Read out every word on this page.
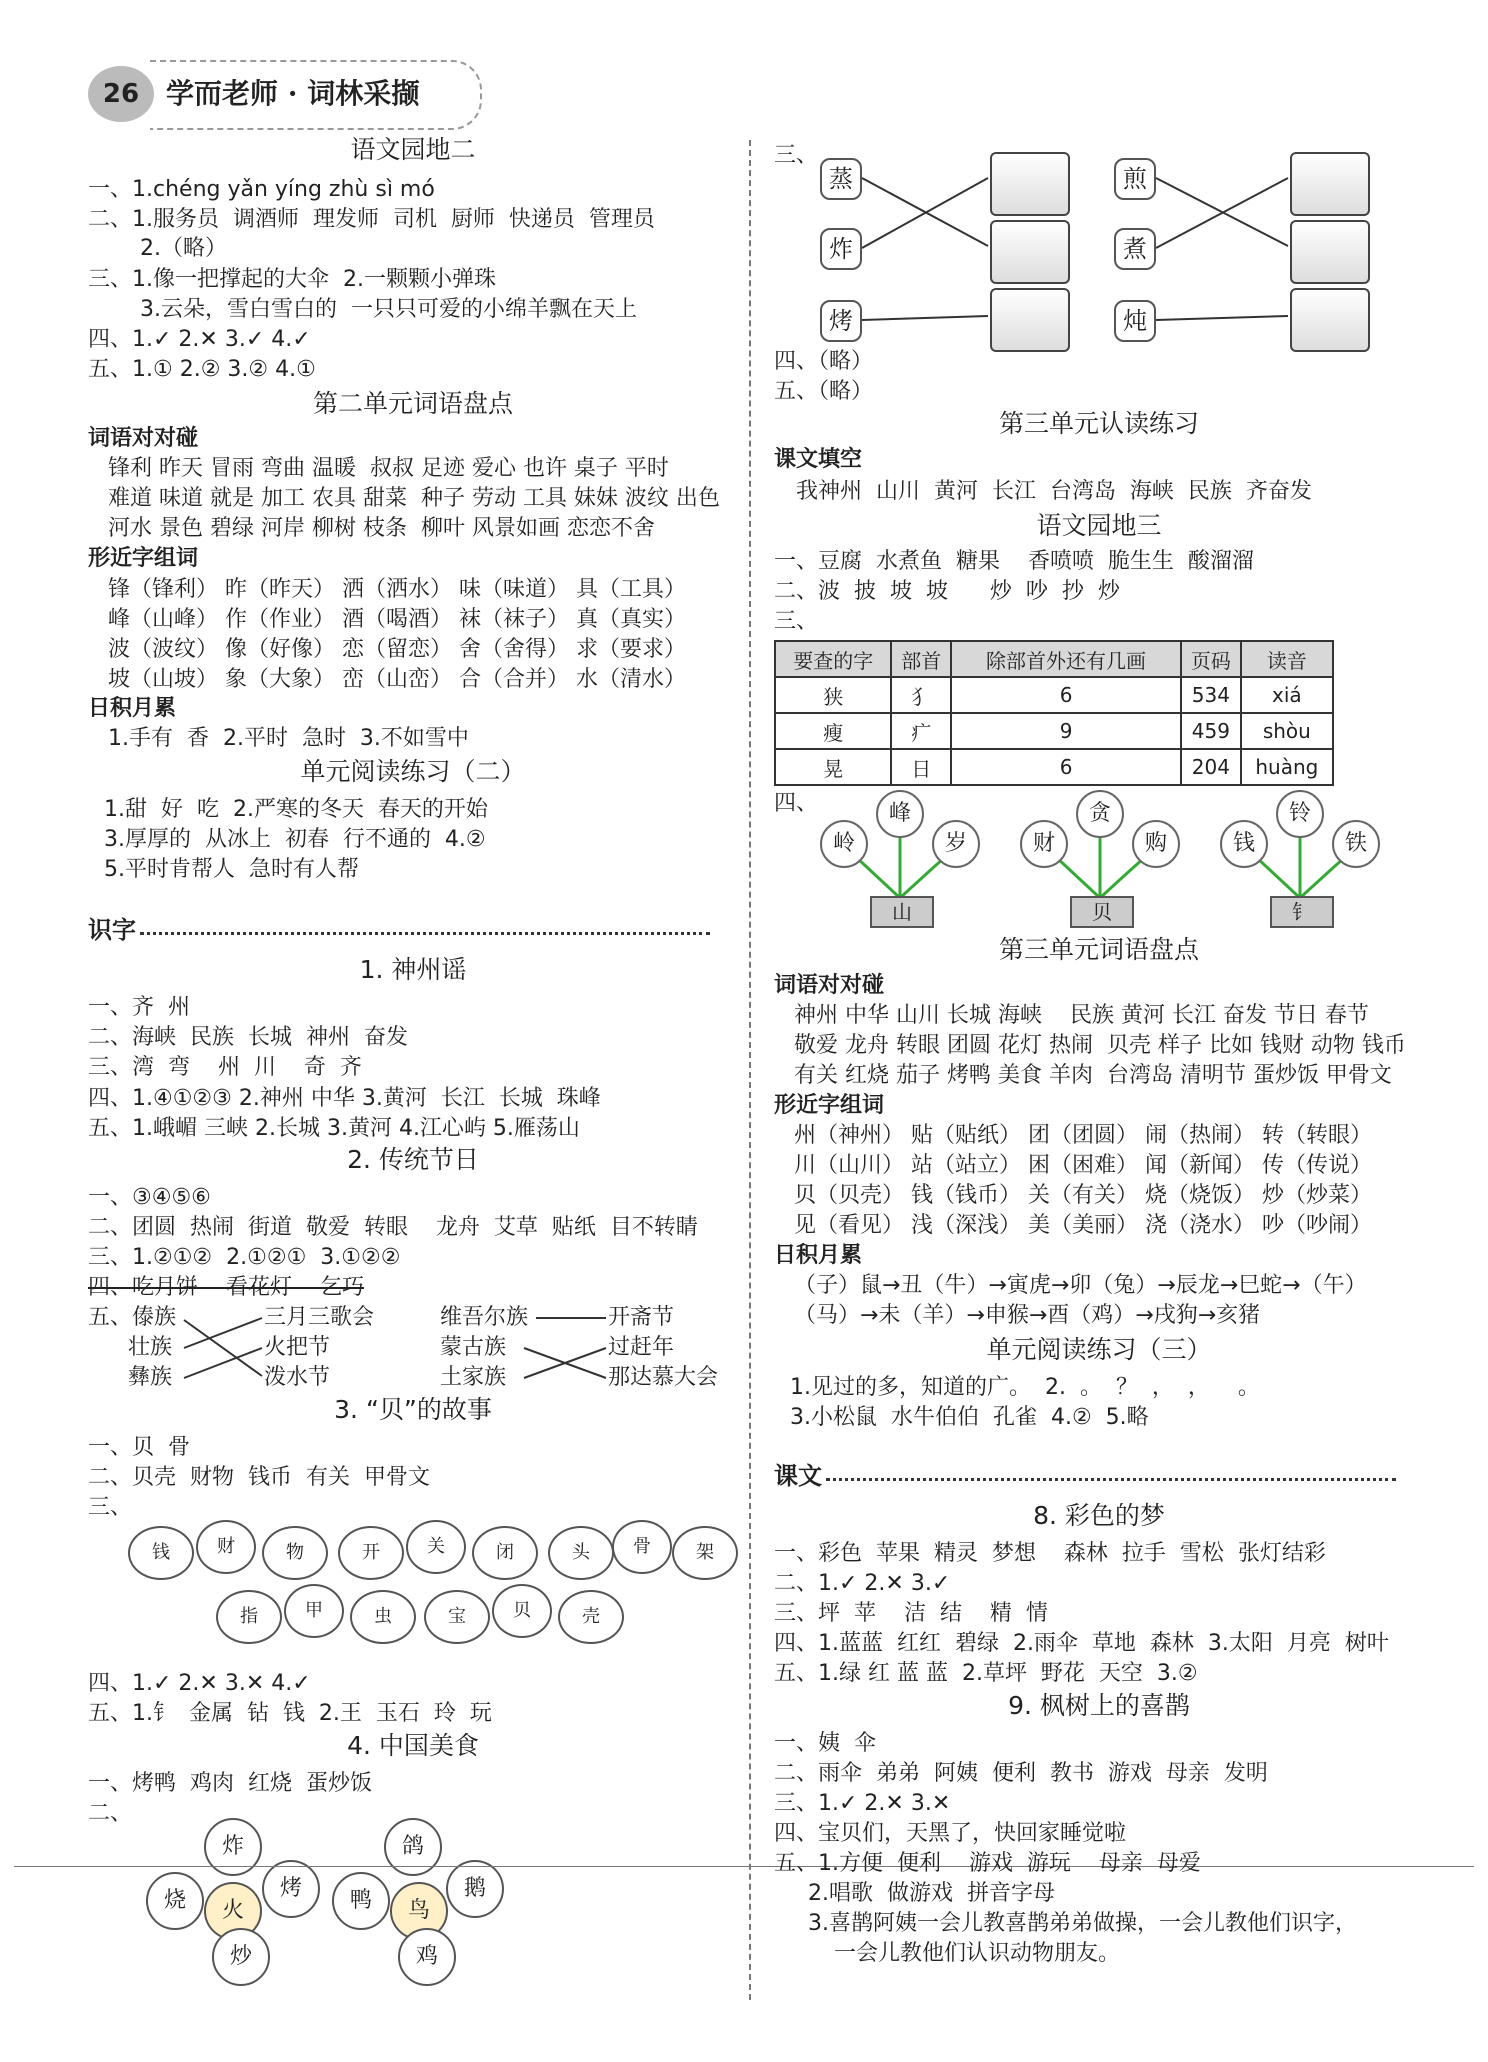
26 学而老师 · 词林采撷
语文园地二
一、1.chéng yǎn yíng zhù sì mó
二、1.服务员  调酒师  理发师  司机  厨师  快递员  管理员
2.（略）
三、1.像一把撑起的大伞  2.一颗颗小弹珠
3.云朵，雪白雪白的  一只只可爱的小绵羊飘在天上
四、1.✓ 2.✕ 3.✓ 4.✓
五、1.① 2.② 3.② 4.①
第二单元词语盘点
词语对对碰
锋利 昨天 冒雨 弯曲 温暖  叔叔 足迹 爱心 也许 桌子 平时
难道 味道 就是 加工 农具 甜菜  种子 劳动 工具 妹妹 波纹 出色
河水 景色 碧绿 河岸 柳树 枝条  柳叶 风景如画 恋恋不舍
形近字组词
锋（锋利） 昨（昨天） 洒（洒水） 味（味道） 具（工具）
峰（山峰） 作（作业） 酒（喝酒） 袜（袜子） 真（真实）
波（波纹） 像（好像） 恋（留恋） 舍（舍得） 求（要求）
坡（山坡） 象（大象） 峦（山峦） 合（合并） 水（清水）
日积月累
1.手有  香  2.平时  急时  3.不如雪中
单元阅读练习（二）
1.甜  好  吃  2.严寒的冬天  春天的开始
3.厚厚的  从冰上  初春  行不通的  4.②
5.平时肯帮人  急时有人帮
识字
1. 神州谣
一、齐  州
二、海峡  民族  长城  神州  奋发
三、湾  弯    州  川    奇  齐
四、1.④①②③ 2.神州 中华 3.黄河  长江  长城  珠峰
五、1.峨嵋 三峡 2.长城 3.黄河 4.江心屿 5.雁荡山
2. 传统节日
一、③④⑤⑥
二、团圆  热闹  街道  敬爱  转眼    龙舟  艾草  贴纸  目不转睛
三、1.②①②  2.①②①  3.①②②
四、吃月饼    看花灯    乞巧
五、傣族
壮族
彝族
三月三歌会
火把节
泼水节
维吾尔族
蒙古族
土家族
开斋节
过赶年
那达慕大会
3. “贝”的故事
一、贝  骨
二、贝壳  财物  钱币  有关  甲骨文
三、
钱	财	物	开	关	闭	头	骨	架
指	甲	虫	宝	贝	壳
四、1.✓ 2.✕ 3.✕ 4.✓
五、1.钅  金属  钻  钱  2.王  玉石  玲  玩
4. 中国美食
一、烤鸭  鸡肉  红烧  蛋炒饭
二、
火
炸
烧	烤
炒
鸟
鸽
鸭	鹅
鸡
三、
蒸
炸
烤
煎
煮
炖
四、（略）
五、（略）
第三单元认读练习
课文填空
我神州  山川  黄河  长江  台湾岛  海峡  民族  齐奋发
语文园地三
一、豆腐  水煮鱼  糖果    香喷喷  脆生生  酸溜溜
二、波  披  坡  坡      炒  吵  抄  炒
三、
要查的字	部首	除部首外还有几画	页码	读音
狭	犭	6	534	xiá
瘦	疒	9	459	shòu
晃	日	6	204	huàng
四、	峰
岭	岁
山
贪
财	购
贝
铃
钱	铁
钅
第三单元词语盘点
词语对对碰
神州 中华 山川 长城 海峡    民族 黄河 长江 奋发 节日 春节
敬爱 龙舟 转眼 团圆 花灯 热闹  贝壳 样子 比如 钱财 动物 钱币
有关 红烧 茄子 烤鸭 美食 羊肉  台湾岛 清明节 蛋炒饭 甲骨文
形近字组词
州（神州） 贴（贴纸） 团（团圆） 闹（热闹） 转（转眼）
川（山川） 站（站立） 困（困难） 闻（新闻） 传（传说）
贝（贝壳） 钱（钱币） 关（有关） 烧（烧饭） 炒（炒菜）
见（看见） 浅（深浅） 美（美丽） 浇（浇水） 吵（吵闹）
日积月累
（子）鼠→丑（牛）→寅虎→卯（兔）→辰龙→巳蛇→（午）
（马）→未（羊）→申猴→酉（鸡）→戌狗→亥猪
单元阅读练习（三）
1.见过的多，知道的广。  2.  。  ？  ，  ，    。
3.小松鼠  水牛伯伯  孔雀  4.②  5.略
课文
8. 彩色的梦
一、彩色  苹果  精灵  梦想    森林  拉手  雪松  张灯结彩
二、1.✓ 2.✕ 3.✓
三、坪  苹    洁  结    精  情
四、1.蓝蓝  红红  碧绿  2.雨伞  草地  森林  3.太阳  月亮  树叶
五、1.绿 红 蓝 蓝  2.草坪  野花  天空  3.②
9. 枫树上的喜鹊
一、姨  伞
二、雨伞  弟弟  阿姨  便利  教书  游戏  母亲  发明
三、1.✓ 2.✕ 3.✕
四、宝贝们，天黑了，快回家睡觉啦
五、1.方便  便利    游戏  游玩    母亲  母爱
2.唱歌  做游戏  拼音字母
3.喜鹊阿姨一会儿教喜鹊弟弟做操，一会儿教他们识字，
一会儿教他们认识动物朋友。
